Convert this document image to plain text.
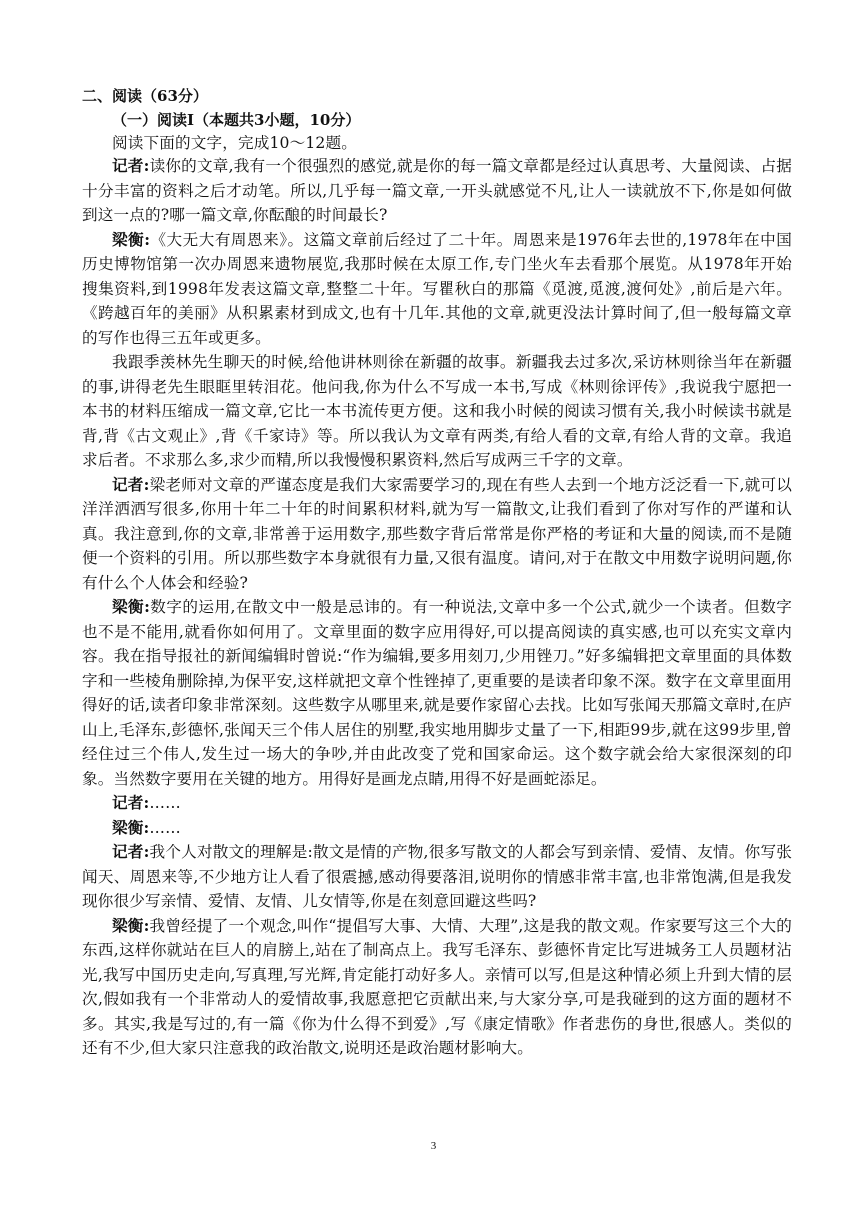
二、阅读（63分）
（一）阅读Ⅰ（本题共3小题，10分）
阅读下面的文字，完成10～12题。
记者:读你的文章,我有一个很强烈的感觉,就是你的每一篇文章都是经过认真思考、大量阅读、占据十分丰富的资料之后才动笔。所以,几乎每一篇文章,一开头就感觉不凡,让人一读就放不下,你是如何做到这一点的?哪一篇文章,你酝酿的时间最长?
梁衡:《大无大有周恩来》。这篇文章前后经过了二十年。周恩来是1976年去世的,1978年在中国历史博物馆第一次办周恩来遗物展览,我那时候在太原工作,专门坐火车去看那个展览。从1978年开始搜集资料,到1998年发表这篇文章,整整二十年。写瞿秋白的那篇《觅渡,觅渡,渡何处》,前后是六年。《跨越百年的美丽》从积累素材到成文,也有十几年.其他的文章,就更没法计算时间了,但一般每篇文章的写作也得三五年或更多。
我跟季羡林先生聊天的时候,给他讲林则徐在新疆的故事。新疆我去过多次,采访林则徐当年在新疆的事,讲得老先生眼眶里转泪花。他问我,你为什么不写成一本书,写成《林则徐评传》,我说我宁愿把一本书的材料压缩成一篇文章,它比一本书流传更方便。这和我小时候的阅读习惯有关,我小时候读书就是背,背《古文观止》,背《千家诗》等。所以我认为文章有两类,有给人看的文章,有给人背的文章。我追求后者。不求那么多,求少而精,所以我慢慢积累资料,然后写成两三千字的文章。
记者:梁老师对文章的严谨态度是我们大家需要学习的,现在有些人去到一个地方泛泛看一下,就可以洋洋洒洒写很多,你用十年二十年的时间累积材料,就为写一篇散文,让我们看到了你对写作的严谨和认真。我注意到,你的文章,非常善于运用数字,那些数字背后常常是你严格的考证和大量的阅读,而不是随便一个资料的引用。所以那些数字本身就很有力量,又很有温度。请问,对于在散文中用数字说明问题,你有什么个人体会和经验?
梁衡:数字的运用,在散文中一般是忌讳的。有一种说法,文章中多一个公式,就少一个读者。但数字也不是不能用,就看你如何用了。文章里面的数字应用得好,可以提高阅读的真实感,也可以充实文章内容。我在指导报社的新闻编辑时曾说:“作为编辑,要多用刻刀,少用锉刀。”好多编辑把文章里面的具体数字和一些棱角删除掉,为保平安,这样就把文章个性锉掉了,更重要的是读者印象不深。数字在文章里面用得好的话,读者印象非常深刻。这些数字从哪里来,就是要作家留心去找。比如写张闻天那篇文章时,在庐山上,毛泽东,彭德怀,张闻天三个伟人居住的别墅,我实地用脚步丈量了一下,相距99步,就在这99步里,曾经住过三个伟人,发生过一场大的争吵,并由此改变了党和国家命运。这个数字就会给大家很深刻的印象。当然数字要用在关键的地方。用得好是画龙点睛,用得不好是画蛇添足。
记者:……
梁衡:……
记者:我个人对散文的理解是:散文是情的产物,很多写散文的人都会写到亲情、爱情、友情。你写张闻天、周恩来等,不少地方让人看了很震撼,感动得要落泪,说明你的情感非常丰富,也非常饱满,但是我发现你很少写亲情、爱情、友情、儿女情等,你是在刻意回避这些吗?
梁衡:我曾经提了一个观念,叫作“提倡写大事、大情、大理”,这是我的散文观。作家要写这三个大的东西,这样你就站在巨人的肩膀上,站在了制高点上。我写毛泽东、彭德怀肯定比写进城务工人员题材沾光,我写中国历史走向,写真理,写光辉,肯定能打动好多人。亲情可以写,但是这种情必须上升到大情的层次,假如我有一个非常动人的爱情故事,我愿意把它贡献出来,与大家分享,可是我碰到的这方面的题材不多。其实,我是写过的,有一篇《你为什么得不到爱》,写《康定情歌》作者悲伤的身世,很感人。类似的还有不少,但大家只注意我的政治散文,说明还是政治题材影响大。
3
